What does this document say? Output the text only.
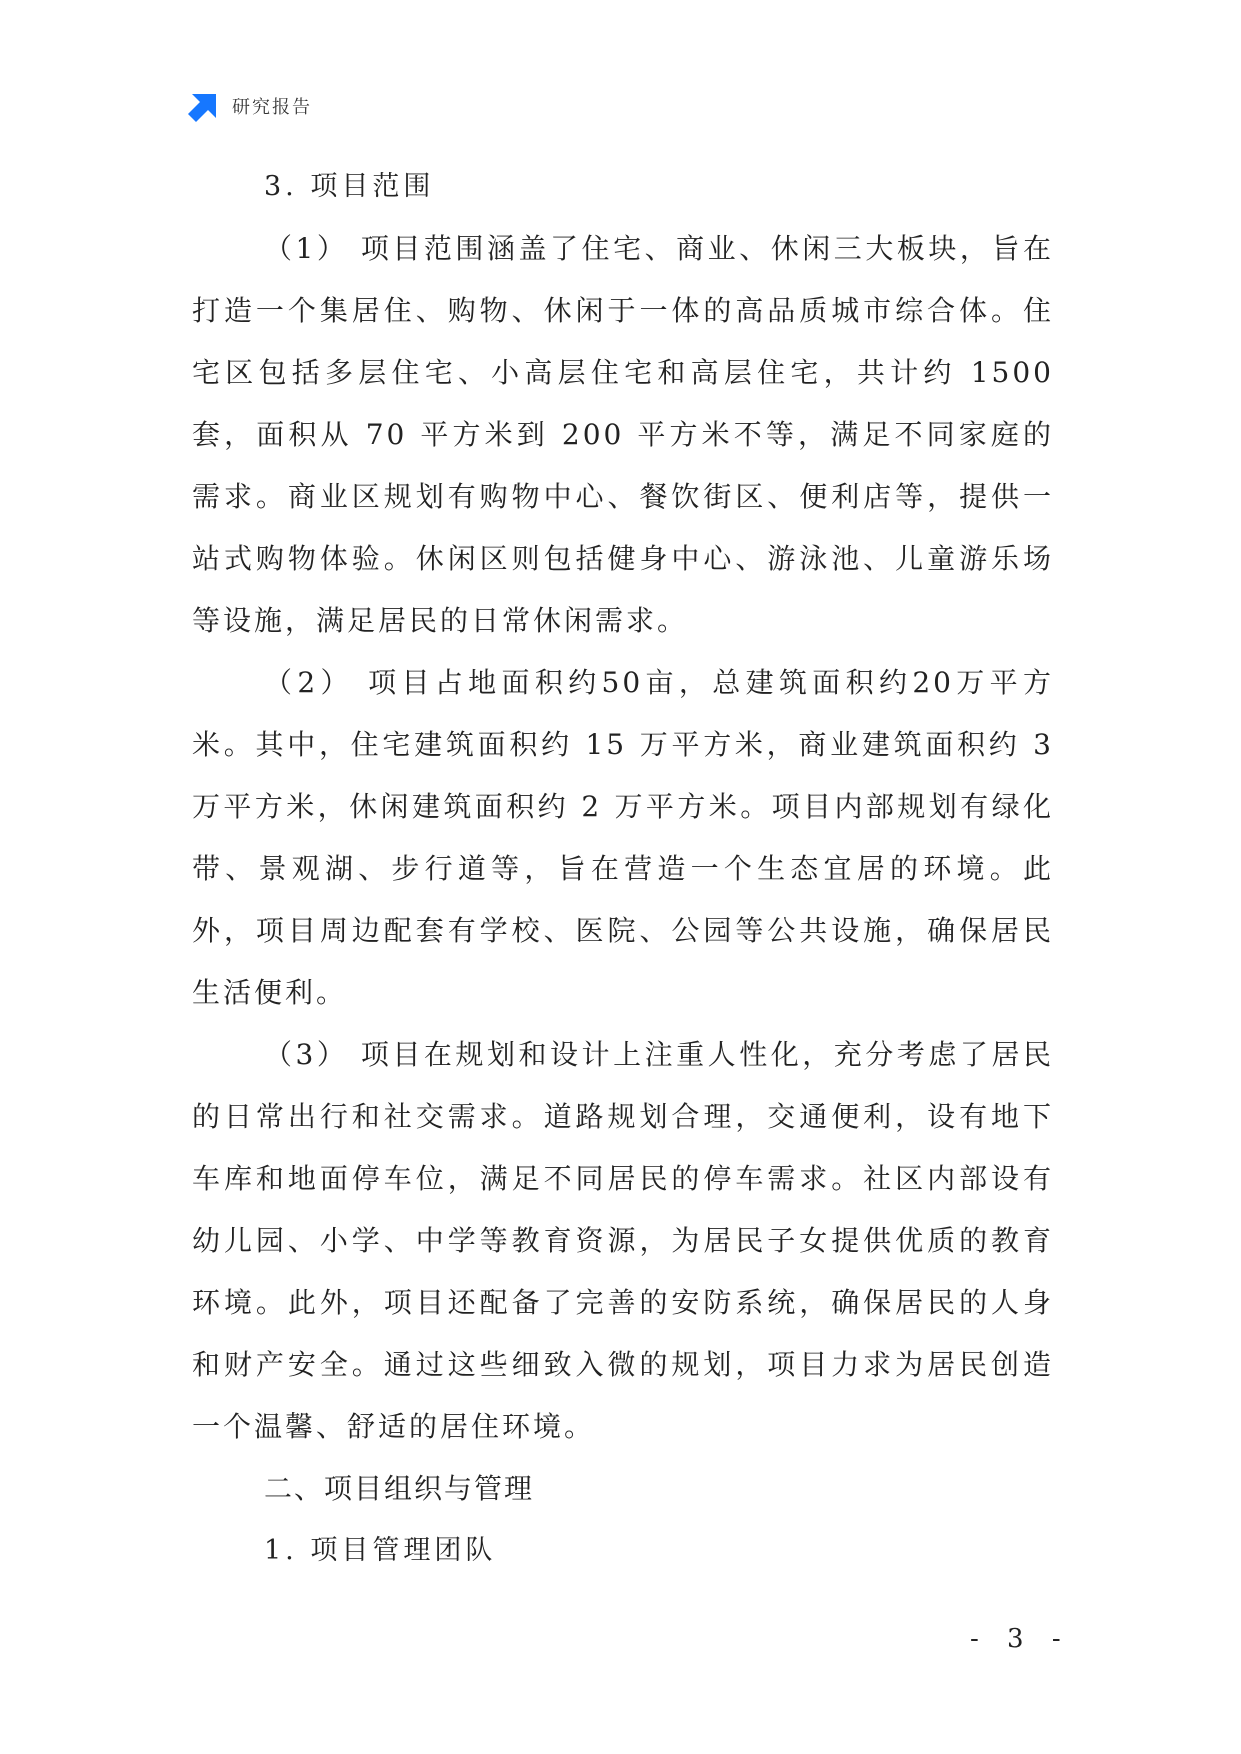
研究报告
3. 项目范围

（1） 项目范围涵盖了住宅、商业、休闲三大板块，旨在打造一个集居住、购物、休闲于一体的高品质城市综合体。住宅区包括多层住宅、小高层住宅和高层住宅，共计约 1500 套，面积从 70 平方米到 200 平方米不等，满足不同家庭的需求。商业区规划有购物中心、餐饮街区、便利店等，提供一站式购物体验。休闲区则包括健身中心、游泳池、儿童游乐场等设施，满足居民的日常休闲需求。

（2） 项目占地面积约50亩，总建筑面积约20万平方米。其中，住宅建筑面积约 15 万平方米，商业建筑面积约 3 万平方米，休闲建筑面积约 2 万平方米。项目内部规划有绿化带、景观湖、步行道等，旨在营造一个生态宜居的环境。此外，项目周边配套有学校、医院、公园等公共设施，确保居民生活便利。

（3） 项目在规划和设计上注重人性化，充分考虑了居民的日常出行和社交需求。道路规划合理，交通便利，设有地下车库和地面停车位，满足不同居民的停车需求。社区内部设有幼儿园、小学、中学等教育资源，为居民子女提供优质的教育环境。此外，项目还配备了完善的安防系统，确保居民的人身和财产安全。通过这些细致入微的规划，项目力求为居民创造一个温馨、舒适的居住环境。

二、项目组织与管理
1. 项目管理团队
- 3 -
